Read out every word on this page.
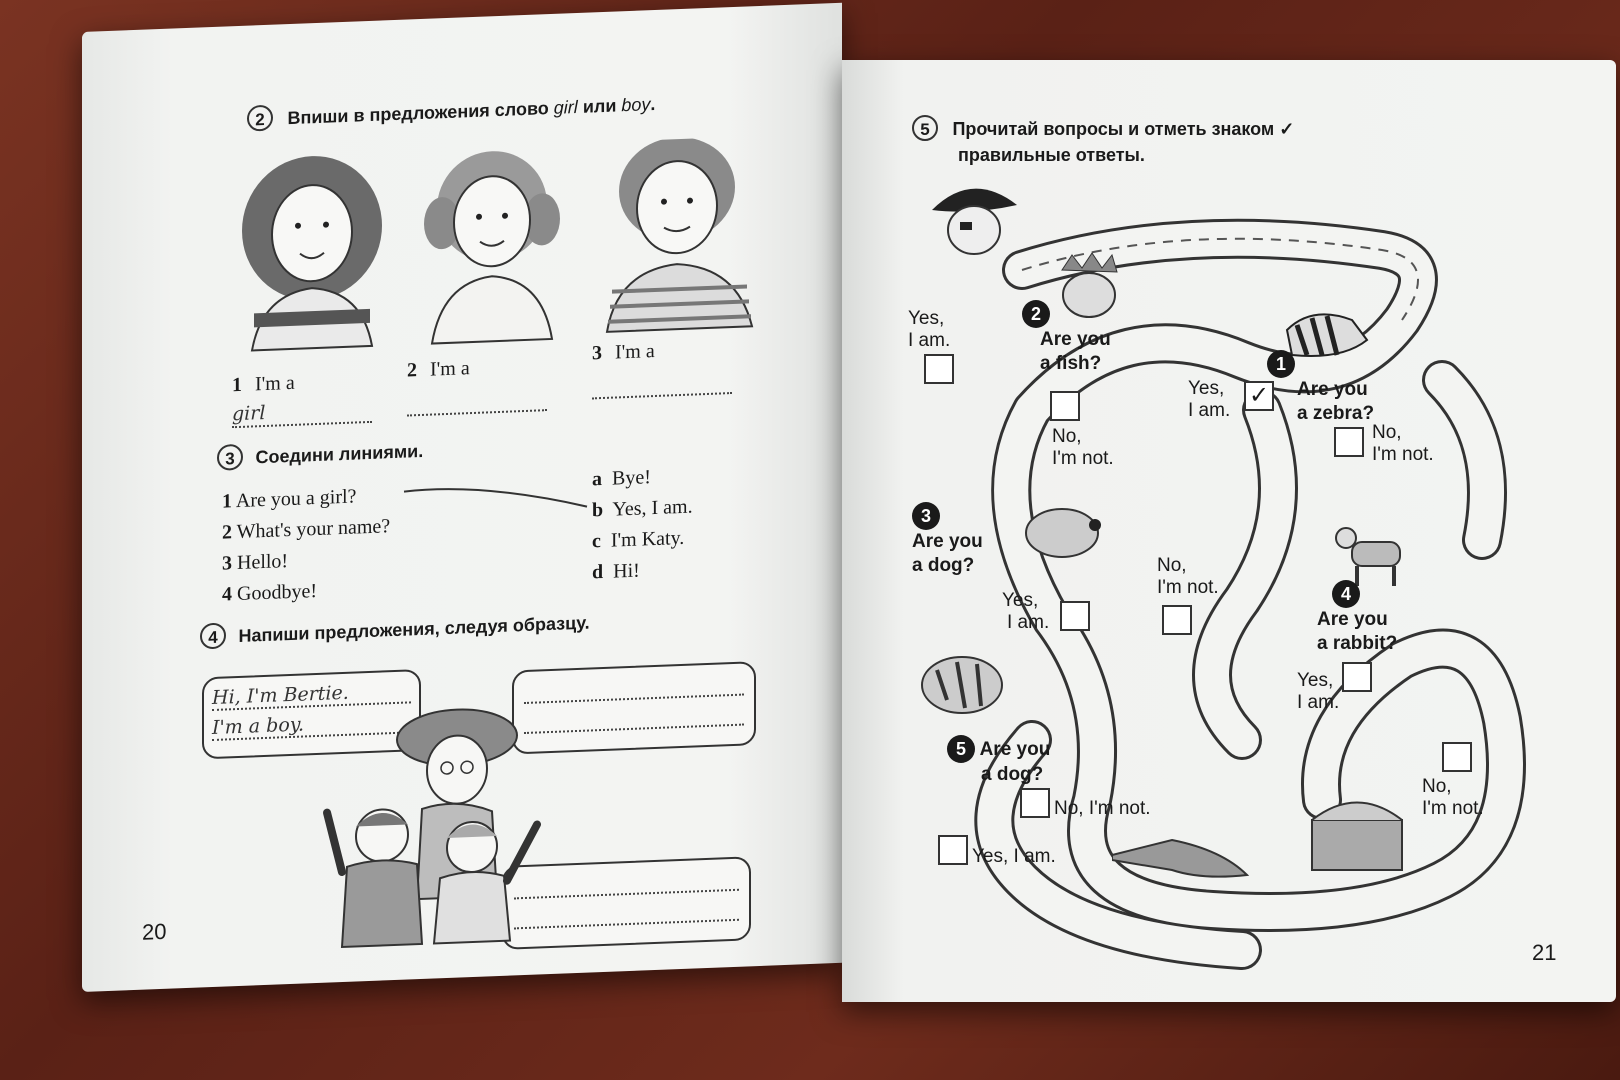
2 Впиши в предложения слово girl или boy.
1 I'm a
girl
2 I'm a
3 I'm a
3 Соедини линиями.
1 Are you a girl?
2 What's your name?
3 Hello!
4 Goodbye!
a Bye!
b Yes, I am.
c I'm Katy.
d Hi!
4 Напиши предложения, следуя образцу.
Hi, I'm Bertie.
I'm a boy.
20
5 Прочитай вопросы и отметь знаком ✓
правильные ответы.
1
Are you
a zebra?
No,
I'm not.
2
Are you
a fish?
Yes,
I am.
No,
I'm not.
Yes,
I am.
✓
3
Are you
a dog?
Yes,
I am.
No,
I'm not.	4
Are you
a rabbit?
Yes,
I am.
No,
I'm not.
5 Are you
a dog?
No, I'm not.
Yes, I am.
21
